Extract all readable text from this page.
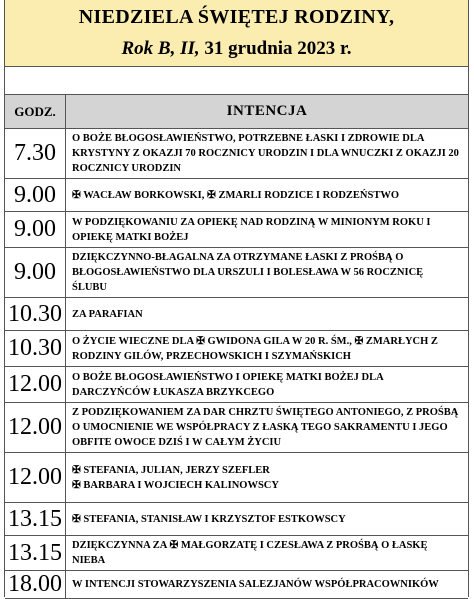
NIEDZIELA ŚWIĘTEJ RODZINY,
Rok B, II, 31 grudnia 2023 r.
GODZ.	INTENCJA
7.30
O BOŻE BŁOGOSŁAWIEŃSTWO, POTRZEBNE ŁASKI I ZDROWIE DLA
KRYSTYNY Z OKAZJI 70 ROCZNICY URODZIN I DLA WNUCZKI Z OKAZJI 20
ROCZNICY URODZIN
9.00	✠ WACŁAW BORKOWSKI, ✠ ZMARLI RODZICE I RODZEŃSTWO
9.00	W PODZIĘKOWANIU ZA OPIEKĘ NAD RODZINĄ W MINIONYM ROKU I
OPIEKĘ MATKI BOŻEJ
9.00
DZIĘKCZYNNO-BŁAGALNA ZA OTRZYMANE ŁASKI Z PROŚBĄ O
BŁOGOSŁAWIEŃSTWO DLA URSZULI I BOLESŁAWA W 56 ROCZNICĘ
ŚLUBU
10.30 ZA PARAFIAN
10.30 O ŻYCIE WIECZNE DLA ✠ GWIDONA GILA W 20 R. ŚM., ✠ ZMARŁYCH Z
RODZINY GILÓW, PRZECHOWSKICH I SZYMAŃSKICH
12.00 O BOŻE BŁOGOSŁAWIEŃSTWO I OPIEKĘ MATKI BOŻEJ DLA
DARCZYŃCÓW ŁUKASZA BRZYKCEGO
12.00
Z PODZIĘKOWANIEM ZA DAR CHRZTU ŚWIĘTEGO ANTONIEGO, Z PROŚBĄ
O UMOCNIENIE WE WSPÓŁPRACY Z ŁASKĄ TEGO SAKRAMENTU I JEGO
OBFITE OWOCE DZIŚ I W CAŁYM ŻYCIU
12.00 ✠ STEFANIA, JULIAN, JERZY SZEFLER
✠ BARBARA I WOJCIECH KALINOWSCY
13.15 ✠ STEFANIA, STANISŁAW I KRZYSZTOF ESTKOWSCY
13.15 DZIĘKCZYNNA ZA ✠ MAŁGORZATĘ I CZESŁAWA Z PROŚBĄ O ŁASKĘ
NIEBA
18.00 W INTENCJI STOWARZYSZENIA SALEZJANÓW WSPÓŁPRACOWNIKÓW
